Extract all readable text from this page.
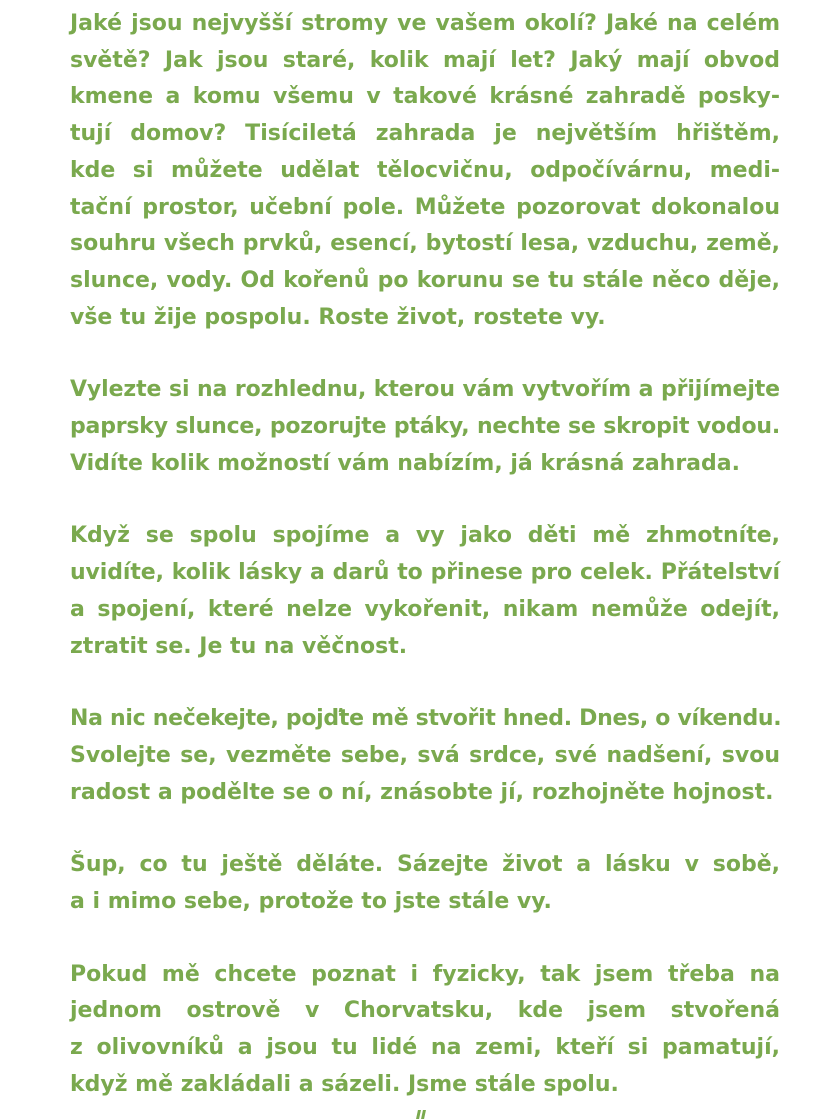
Jaké jsou nejvyšší stromy ve vašem okolí? Jaké na celém
světě? Jak jsou staré, kolik mají let? Jaký mají obvod
kmene a komu všemu v takové krásné zahradě posky-
tují domov? Tisíciletá zahrada je největším hřištěm,
kde si můžete udělat tělocvičnu, odpočívárnu, medi-
tační prostor, učební pole. Můžete pozorovat dokonalou
souhru všech prvků, esencí, bytostí lesa, vzduchu, země,
slunce, vody. Od kořenů po korunu se tu stále něco děje,
vše tu žije pospolu. Roste život, rostete vy.
Vylezte si na rozhlednu, kterou vám vytvořím a přijímejte
paprsky slunce, pozorujte ptáky, nechte se skropit vodou.
Vidíte kolik možností vám nabízím, já krásná zahrada.
Když se spolu spojíme a vy jako děti mě zhmotníte,
uvidíte, kolik lásky a darů to přinese pro celek. Přátelství
a spojení, které nelze vykořenit, nikam nemůže odejít,
ztratit se. Je tu na věčnost.
Na nic nečekejte, pojďte mě stvořit hned. Dnes, o víkendu.
Svolejte se, vezměte sebe, svá srdce, své nadšení, svou
radost a podělte se o ní, znásobte jí, rozhojněte hojnost.
Šup, co tu ještě děláte. Sázejte život a lásku v sobě,
a i mimo sebe, protože to jste stále vy.
Pokud mě chcete poznat i fyzicky, tak jsem třeba na
jednom ostrově v Chorvatsku, kde jsem stvořená
z olivovníků a jsou tu lidé na zemi, kteří si pamatují,
když mě zakládali a sázeli. Jsme stále spolu.
